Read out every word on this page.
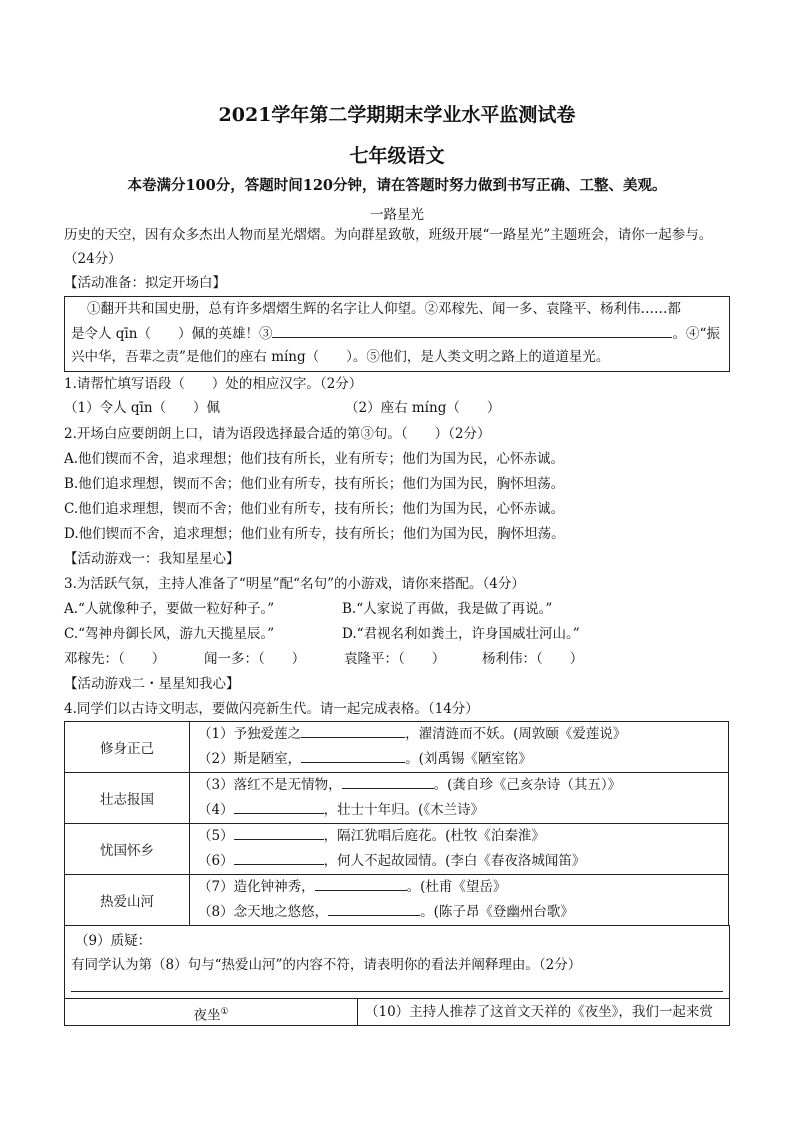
2021学年第二学期期末学业水平监测试卷
七年级语文
本卷满分100分，答题时间120分钟，请在答题时努力做到书写正确、工整、美观。
一路星光
历史的天空，因有众多杰出人物而星光熠熠。为向群星致敬，班级开展“一路星光”主题班会，请你一起参与。
（24分）
【活动准备：拟定开场白】

①翻开共和国史册，总有许多熠熠生辉的名字让人仰望。②邓稼先、闻一多、袁隆平、杨利伟……都

是令人 qīn（　　）佩的英雄！③	。④“振

兴中华，吾辈之责”是他们的座右 míng（　　）。⑤他们，是人类文明之路上的道道星光。

1.请帮忙填写语段（　　）处的相应汉字。（2分）
（1）令人 qīn（　　）佩	（2）座右 míng（　　）
2.开场白应要朗朗上口，请为语段选择最合适的第③句。（　　）（2分）
A.他们锲而不舍，追求理想；他们技有所长，业有所专；他们为国为民，心怀赤诚。
B.他们追求理想，锲而不舍；他们业有所专，技有所长；他们为国为民，胸怀坦荡。
C.他们追求理想，锲而不舍；他们业有所专，技有所长；他们为国为民，心怀赤诚。
D.他们锲而不舍，追求理想；他们业有所专，技有所长；他们为国为民，胸怀坦荡。
【活动游戏一：我知星星心】
3.为活跃气氛，主持人准备了“明星”配“名句”的小游戏，请你来搭配。（4分）
A.“人就像种子，要做一粒好种子。”	B.“人家说了再做，我是做了再说。”
C.“驾神舟御长风，游九天揽星辰。”	D.“君视名利如粪土，许身国威壮河山。”
邓稼先：（　　）	闻一多：（　　）	袁隆平：（　　）	杨利伟：（　　）
【活动游戏二・星星知我心】
4.同学们以古诗文明志，要做闪亮新生代。请一起完成表格。（14分）
修身正己	（1）予独爱莲之 ，濯清涟而不妖。(周敦颐《爱莲说》
（2）斯是陋室， 。(刘禹锡《陋室铭》

壮志报国	（3）落红不是无情物， 。(龚自珍《己亥杂诗（其五）》
（4） ，壮士十年归。(《木兰诗》

忧国怀乡	（5） ，隔江犹唱后庭花。(杜牧《泊秦淮》
（6） ，何人不起故园情。(李白《春夜洛城闻笛》

热爱山河	（7）造化钟神秀， 。(杜甫《望岳》
（8）念天地之悠悠， 。(陈子昂《登幽州台歌》

（9）质疑：

有同学认为第（8）句与“热爱山河”的内容不符，请表明你的看法并阐释理由。（2分）

夜坐①	（10）主持人推荐了这首文天祥的《夜坐》，我们一起来赏
